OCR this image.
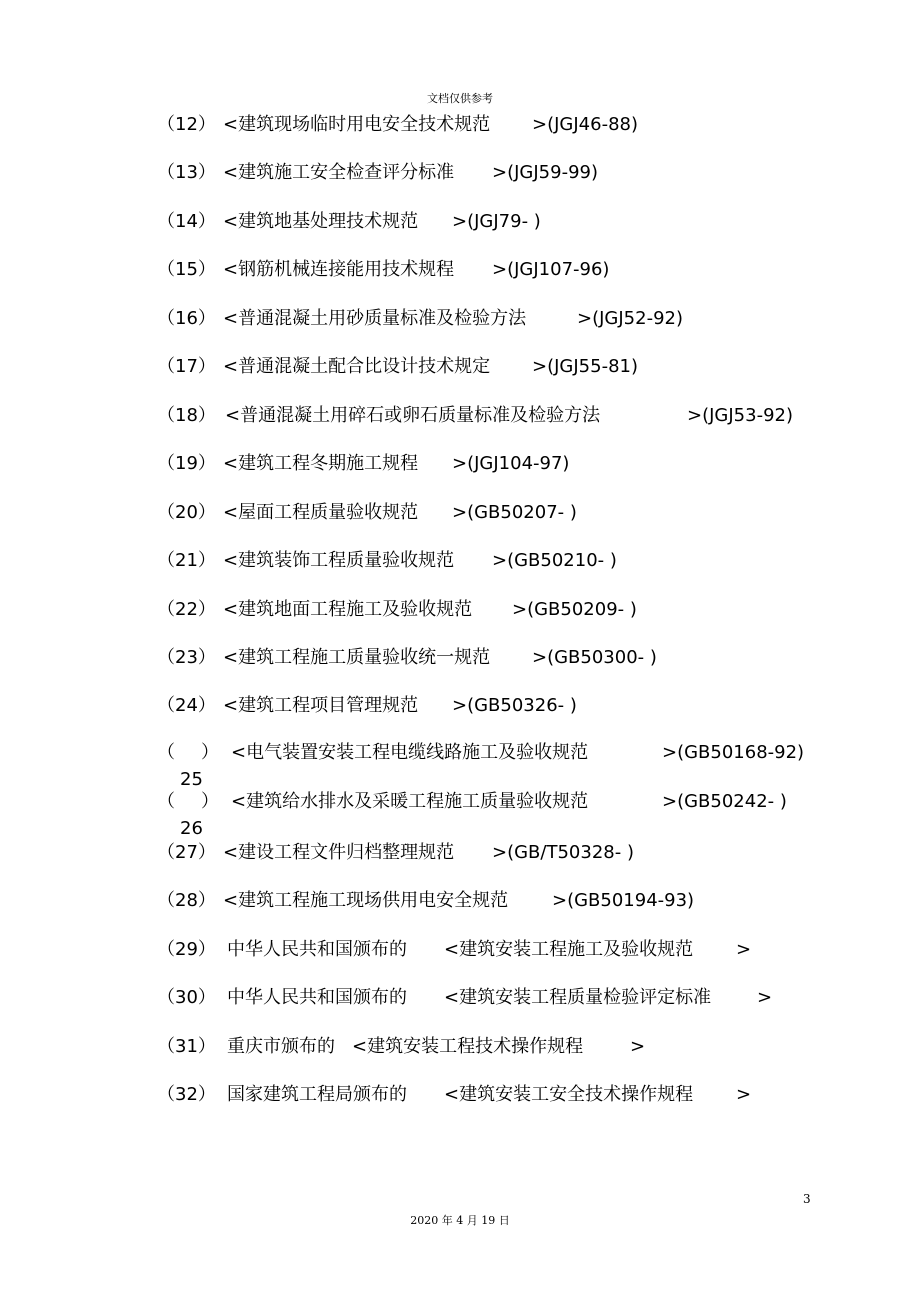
文档仅供参考
（12） <建筑现场临时用电安全技术规范 >(JGJ46-88)
（13） <建筑施工安全检查评分标准 >(JGJ59-99)
（14） <建筑地基处理技术规范 >(JGJ79- )
（15） <钢筋机械连接能用技术规程 >(JGJ107-96)
（16） <普通混凝土用砂质量标准及检验方法	>(JGJ52-92)
（17） <普通混凝土配合比设计技术规定 >(JGJ55-81)
（18） <普通混凝土用碎石或卵石质量标准及检验方法	>(JGJ53-92)
（19） <建筑工程冬期施工规程 >(JGJ104-97)
（20） <屋面工程质量验收规范 >(GB50207- )
（21） <建筑装饰工程质量验收规范 >(GB50210- )
（22） <建筑地面工程施工及验收规范 >(GB50209- )
（23） <建筑工程施工质量验收统一规范 >(GB50300- )
（24） <建筑工程项目管理规范 >(GB50326- )
（ ） <电气装置安装工程电缆线路施工及验收规范	>(GB50168-92)
25
（ ） <建筑给水排水及采暖工程施工质量验收规范	>(GB50242- )
26
（27） <建设工程文件归档整理规范 >(GB/T50328- )
（28） <建筑工程施工现场供用电安全规范 >(GB50194-93)
（29） 中华人民共和国颁布的 <建筑安装工程施工及验收规范 >
（30） 中华人民共和国颁布的 <建筑安装工程质量检验评定标准	>
（31） 重庆市颁布的 <建筑安装工程技术操作规程	>
（32） 国家建筑工程局颁布的 <建筑安装工安全技术操作规程 >
3
2020 年 4 月 19 日
